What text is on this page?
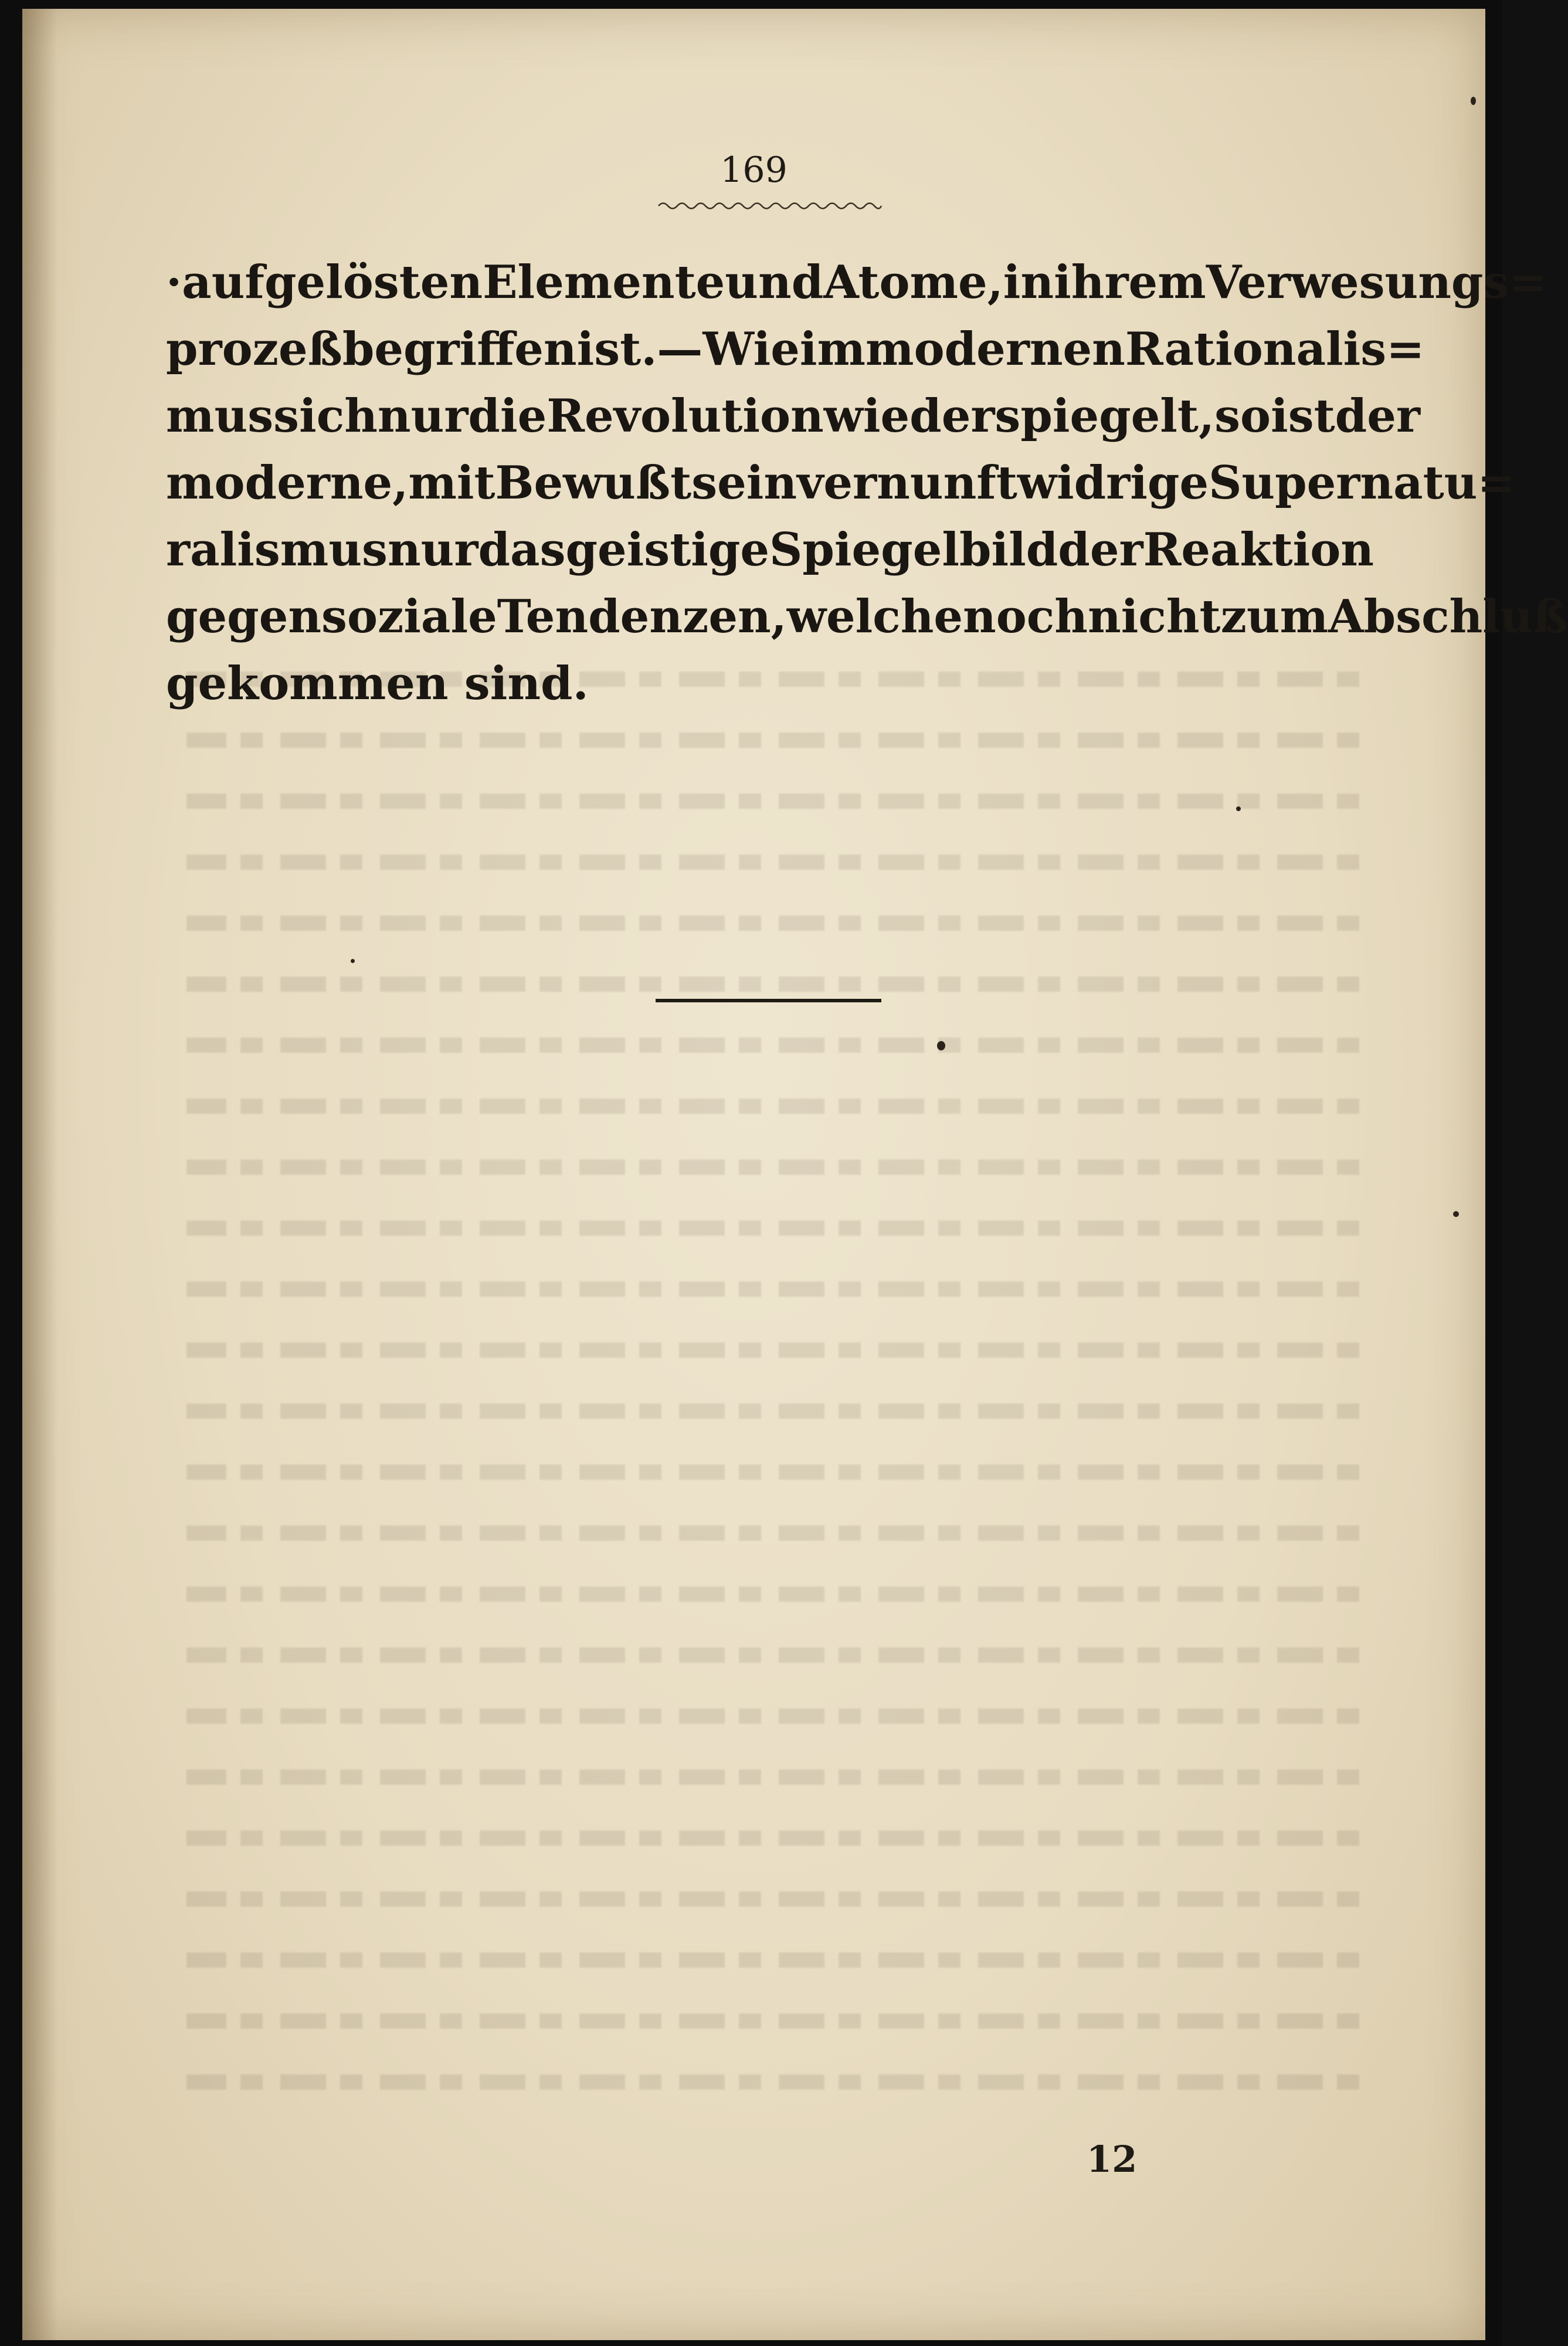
169
·aufgelösten Elemente und Atome, in ihrem Verwesungs=
prozeß begriffen ist. — Wie im modernen Rationalis=
mus sich nur die Revolution wiederspiegelt, so ist der
moderne, mit Bewußtsein vernunftwidrige Supernatu=
ralismus nur das geistige Spiegelbild der Reaktion
gegen soziale Tendenzen, welche noch nicht zum Abschluß
gekommen sind.
12
